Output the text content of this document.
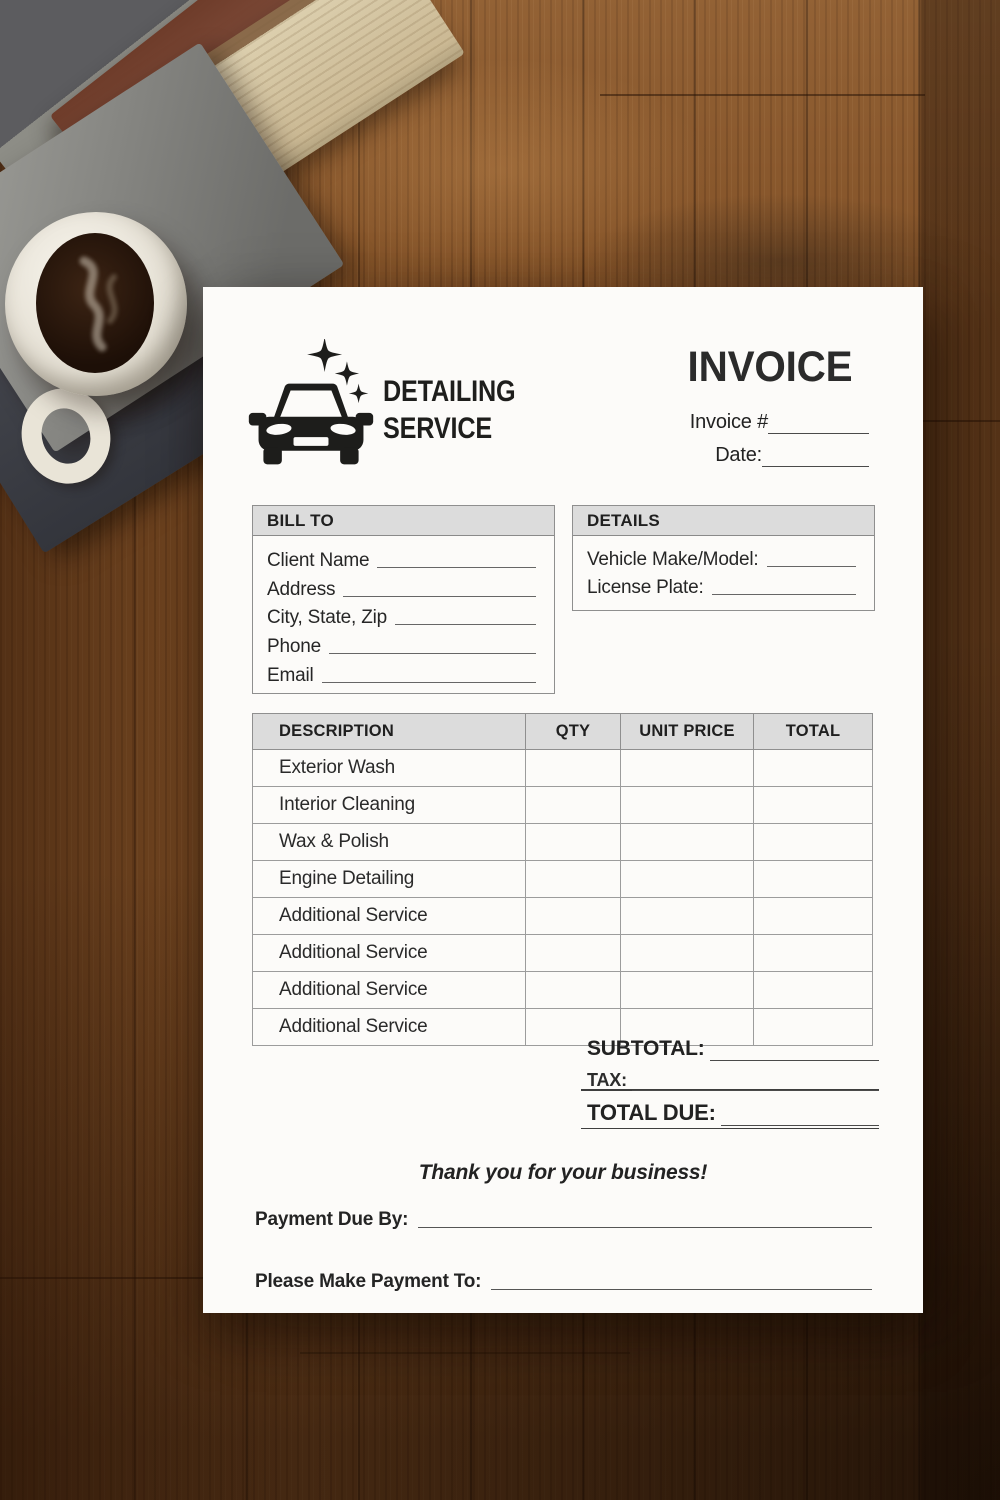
DETAILING
SERVICE
INVOICE
Invoice #
Date:
BILL TO
Client Name
Address
City, State, Zip
Phone
Email
DETAILS
Vehicle Make/Model:
License Plate:
DESCRIPTION	QTY	UNIT PRICE	TOTAL
Exterior Wash			
Interior Cleaning			
Wax & Polish			
Engine Detailing			
Additional Service			
Additional Service			
Additional Service			
Additional Service			
SUBTOTAL:
TAX:
TOTAL DUE:
Thank you for your business!
Payment Due By:
Please Make Payment To:
